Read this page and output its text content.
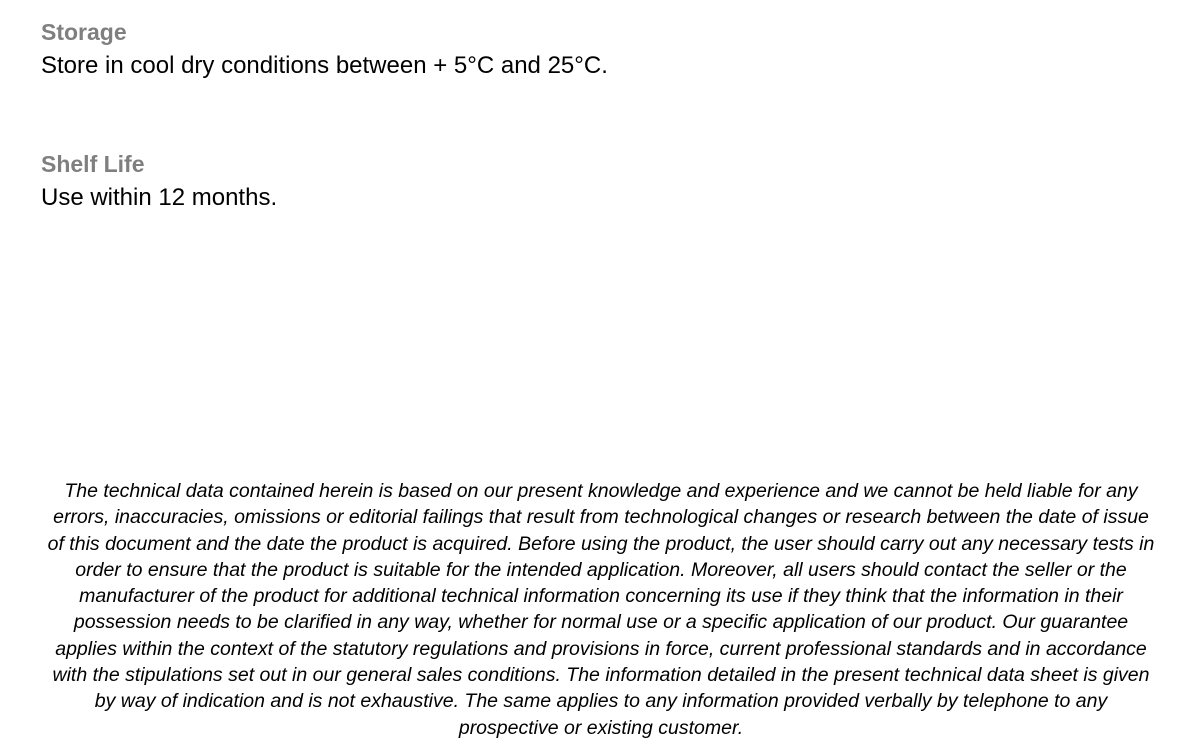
Storage
Store in cool dry conditions between + 5°C and 25°C.
Shelf Life
Use within 12 months.
The technical data contained herein is based on our present knowledge and experience and we cannot be held liable for any
errors, inaccuracies, omissions or editorial failings that result from technological changes or research between the date of issue
of this document and the date the product is acquired. Before using the product, the user should carry out any necessary tests in
order to ensure that the product is suitable for the intended application. Moreover, all users should contact the seller or the
manufacturer of the product for additional technical information concerning its use if they think that the information in their
possession needs to be clarified in any way, whether for normal use or a specific application of our product. Our guarantee
applies within the context of the statutory regulations and provisions in force, current professional standards and in accordance
with the stipulations set out in our general sales conditions. The information detailed in the present technical data sheet is given
by way of indication and is not exhaustive. The same applies to any information provided verbally by telephone to any
prospective or existing customer.
